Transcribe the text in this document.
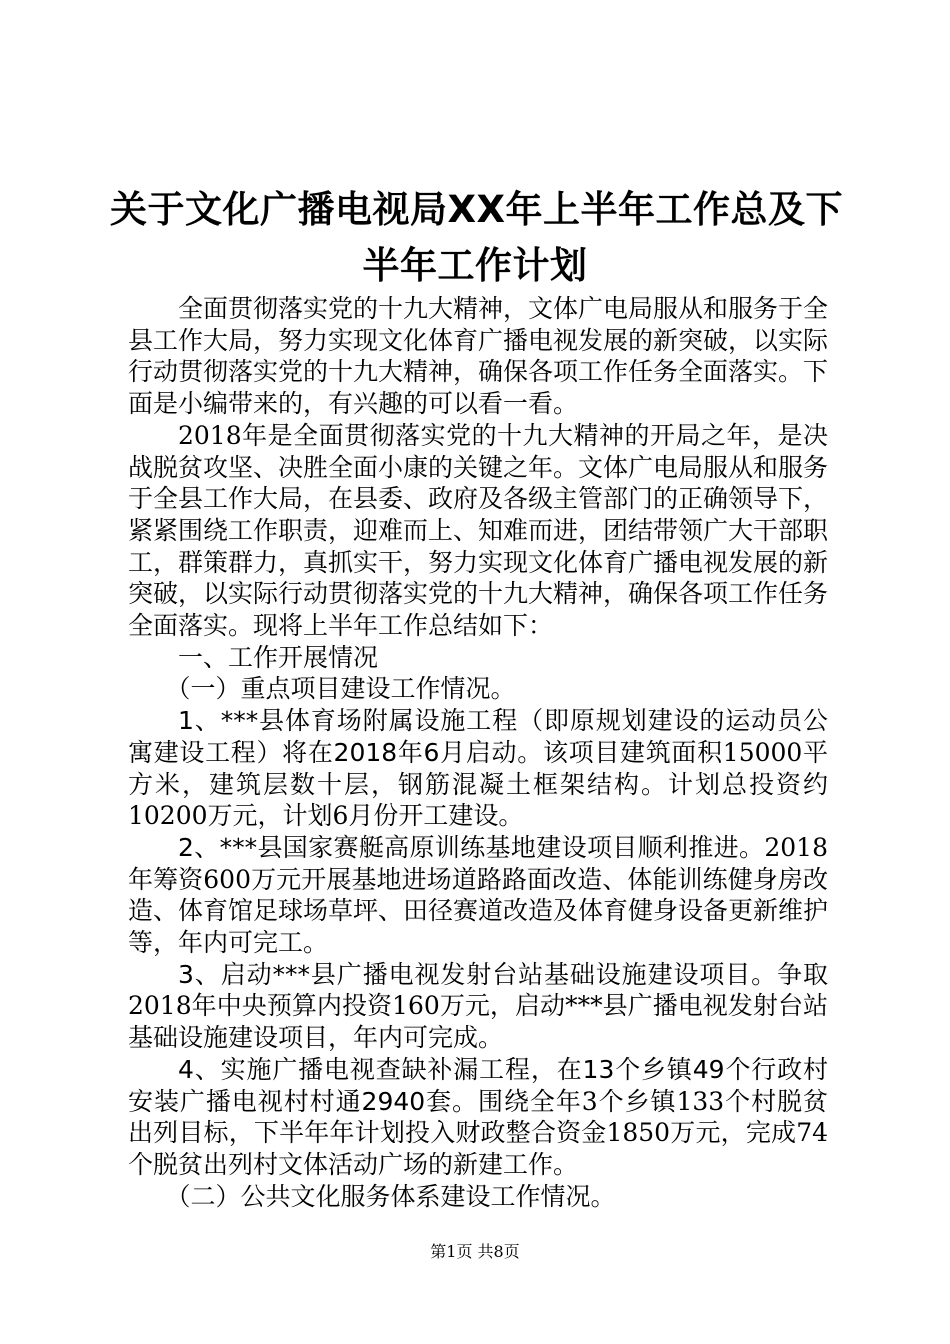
关于文化广播电视局XX年上半年工作总及下
半年工作计划

全面贯彻落实党的十九大精神，文体广电局服从和服务于全县工作大局，努力实现文化体育广播电视发展的新突破，以实际行动贯彻落实党的十九大精神，确保各项工作任务全面落实。下面是小编带来的，有兴趣的可以看一看。

2018年是全面贯彻落实党的十九大精神的开局之年，是决战脱贫攻坚、决胜全面小康的关键之年。文体广电局服从和服务于全县工作大局，在县委、政府及各级主管部门的正确领导下，紧紧围绕工作职责，迎难而上、知难而进，团结带领广大干部职工，群策群力，真抓实干，努力实现文化体育广播电视发展的新突破，以实际行动贯彻落实党的十九大精神，确保各项工作任务全面落实。现将上半年工作总结如下：

一、工作开展情况

（一）重点项目建设工作情况。

1、***县体育场附属设施工程（即原规划建设的运动员公寓建设工程）将在2018年6月启动。该项目建筑面积15000平方米，建筑层数十层，钢筋混凝土框架结构。计划总投资约10200万元，计划6月份开工建设。

2、***县国家赛艇高原训练基地建设项目顺利推进。2018年筹资600万元开展基地进场道路路面改造、体能训练健身房改造、体育馆足球场草坪、田径赛道改造及体育健身设备更新维护等，年内可完工。

3、启动***县广播电视发射台站基础设施建设项目。争取2018年中央预算内投资160万元，启动***县广播电视发射台站基础设施建设项目，年内可完成。

4、实施广播电视查缺补漏工程，在13个乡镇49个行政村安装广播电视村村通2940套。围绕全年3个乡镇133个村脱贫出列目标，下半年年计划投入财政整合资金1850万元，完成74个脱贫出列村文体活动广场的新建工作。

（二）公共文化服务体系建设工作情况。

第1页 共8页
